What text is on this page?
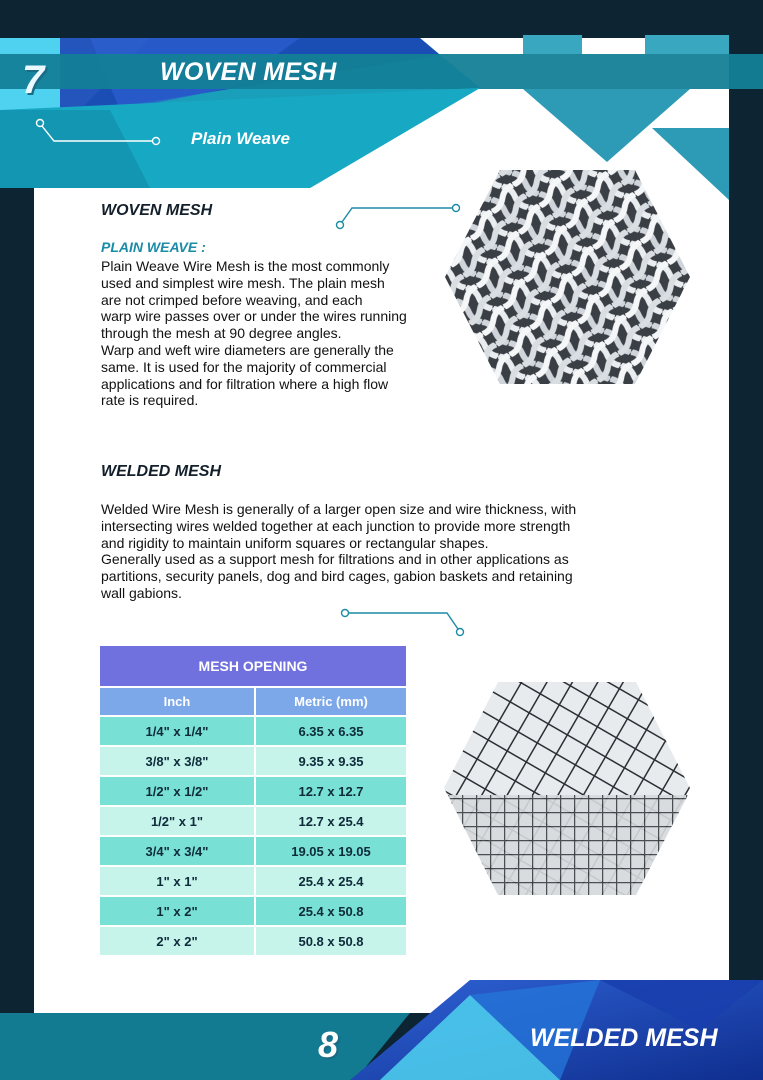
7	WOVEN MESH
Plain Weave
WOVEN MESH
PLAIN WEAVE :
Plain Weave Wire Mesh is the most commonly
used and simplest wire mesh. The plain mesh
are not crimped before weaving, and each
warp wire passes over or under the wires running
through the mesh at 90 degree angles.
Warp and weft wire diameters are generally the
same. It is used for the majority of commercial
applications and for filtration where a high flow
rate is required.
WELDED MESH
Welded Wire Mesh is generally of a larger open size and wire thickness, with
intersecting wires welded together at each junction to provide more strength
and rigidity to maintain uniform squares or rectangular shapes.
Generally used as a support mesh for filtrations and in other applications as
partitions, security panels, dog and bird cages, gabion baskets and retaining
wall gabions.
MESH OPENING	
Inch	Metric (mm)
1/4" x 1/4"	6.35 x 6.35
3/8" x 3/8"	9.35 x 9.35
1/2" x 1/2"	12.7 x 12.7
1/2" x 1"	12.7 x 25.4
3/4" x 3/4"	19.05 x 19.05
1" x 1"	25.4 x 25.4
1" x 2"	25.4 x 50.8
2" x 2"	50.8 x 50.8
8	WELDED MESH
